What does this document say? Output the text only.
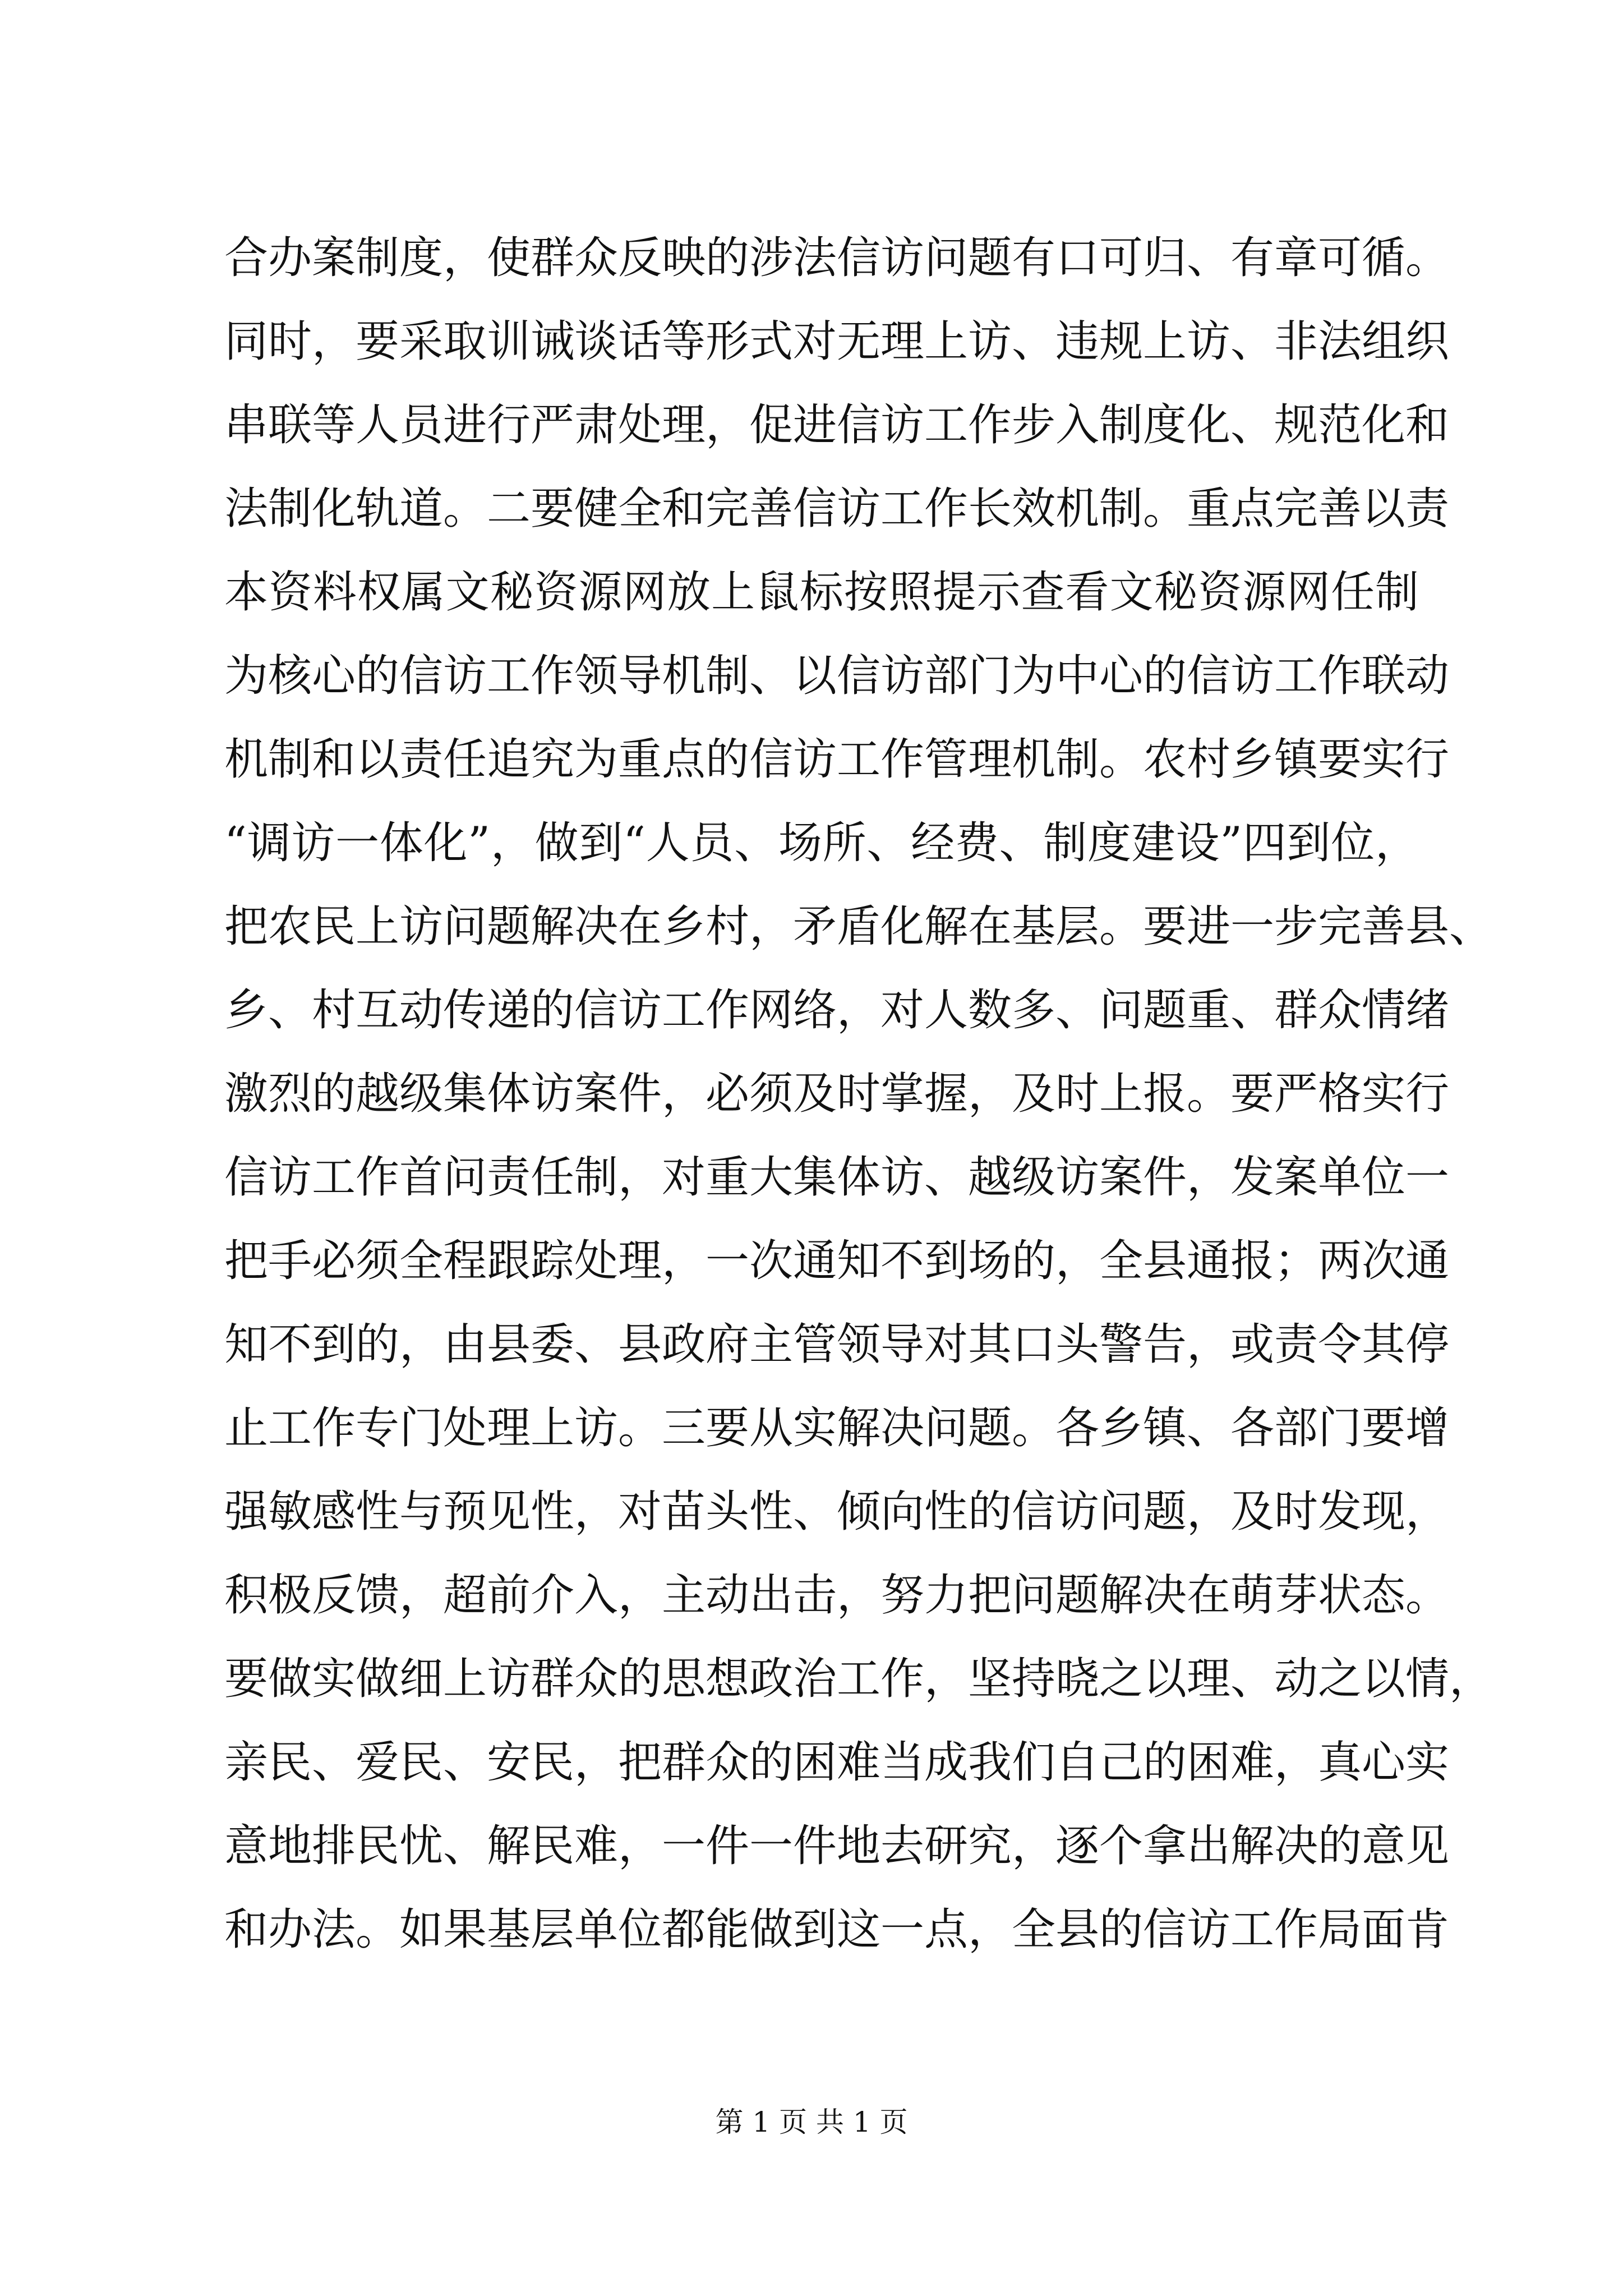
合办案制度，使群众反映的涉法信访问题有口可归、有章可循。
同时，要采取训诫谈话等形式对无理上访、违规上访、非法组织
串联等人员进行严肃处理，促进信访工作步入制度化、规范化和
法制化轨道。二要健全和完善信访工作长效机制。重点完善以责
本资料权属文秘资源网放上鼠标按照提示查看文秘资源网任制
为核心的信访工作领导机制、以信访部门为中心的信访工作联动
机制和以责任追究为重点的信访工作管理机制。农村乡镇要实行
“调访一体化”，做到“人员、场所、经费、制度建设”四到位，
把农民上访问题解决在乡村，矛盾化解在基层。要进一步完善县、
乡、村互动传递的信访工作网络，对人数多、问题重、群众情绪
激烈的越级集体访案件，必须及时掌握，及时上报。要严格实行
信访工作首问责任制，对重大集体访、越级访案件，发案单位一
把手必须全程跟踪处理，一次通知不到场的，全县通报；两次通
知不到的，由县委、县政府主管领导对其口头警告，或责令其停
止工作专门处理上访。三要从实解决问题。各乡镇、各部门要增
强敏感性与预见性，对苗头性、倾向性的信访问题，及时发现，
积极反馈，超前介入，主动出击，努力把问题解决在萌芽状态。
要做实做细上访群众的思想政治工作，坚持晓之以理、动之以情，
亲民、爱民、安民，把群众的困难当成我们自己的困难，真心实
意地排民忧、解民难，一件一件地去研究，逐个拿出解决的意见
和办法。如果基层单位都能做到这一点，全县的信访工作局面肯
第 1 页 共 1 页
